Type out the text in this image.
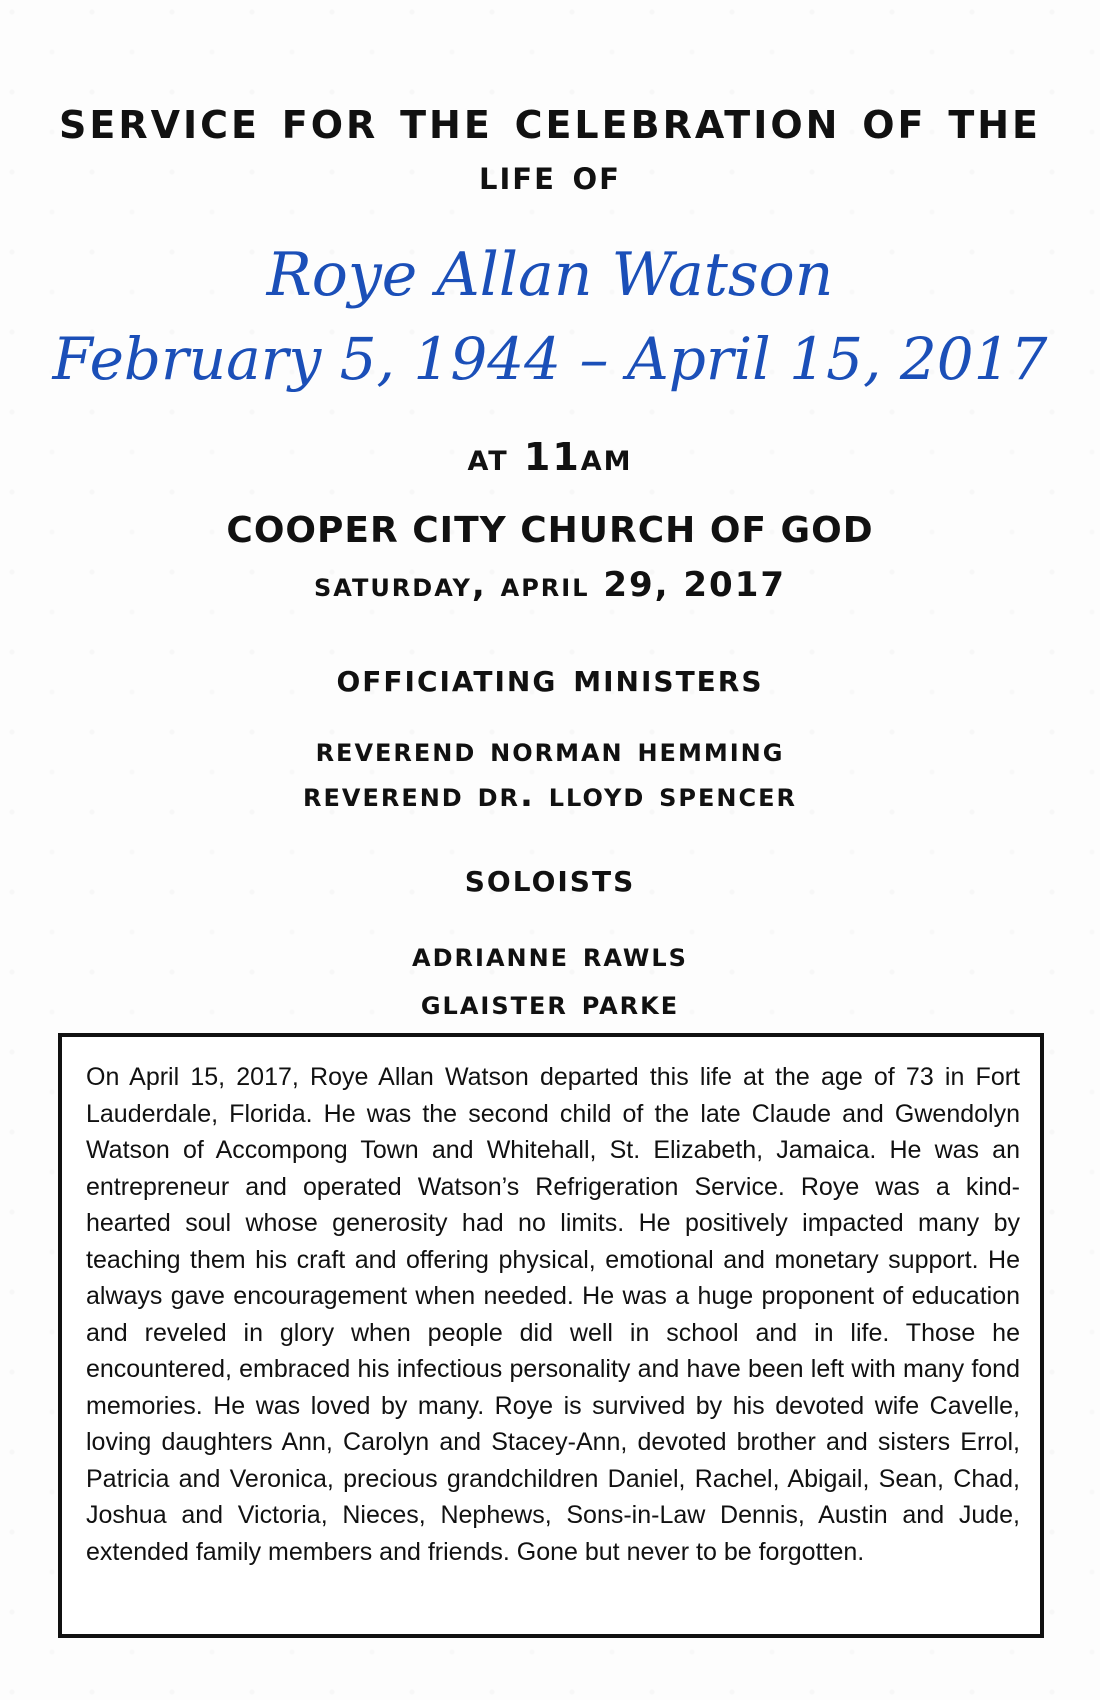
service for the celebration of the
life of
Roye Allan Watson
February 5, 1944 – April 15, 2017
at 11am
COOPER CITY CHURCH OF GOD
saturday, april 29, 2017
officiating ministers
reverend norman hemming
reverend dr. lloyd spencer
soloists
adrianne rawls
glaister parke

On April 15, 2017, Roye Allan Watson departed this life at the age of 73 in Fort Lauderdale, Florida. He was the second child of the late Claude and Gwendolyn Watson of Accompong Town and Whitehall, St. Elizabeth, Jamaica. He was an entrepreneur and operated Watson’s Refrigeration Service. Roye was a kind-hearted soul whose generosity had no limits. He positively impacted many by teaching them his craft and offering physical, emotional and monetary support. He always gave encouragement when needed. He was a huge proponent of education and reveled in glory when people did well in school and in life. Those he encountered, embraced his infectious personality and have been left with many fond memories. He was loved by many. Roye is survived by his devoted wife Cavelle, loving daughters Ann, Carolyn and Stacey-Ann, devoted brother and sisters Errol, Patricia and Veronica, precious grandchildren Daniel, Rachel, Abigail, Sean, Chad, Joshua and Victoria, Nieces, Nephews, Sons-in-Law Dennis, Austin and Jude, extended family members and friends. Gone but never to be forgotten.
